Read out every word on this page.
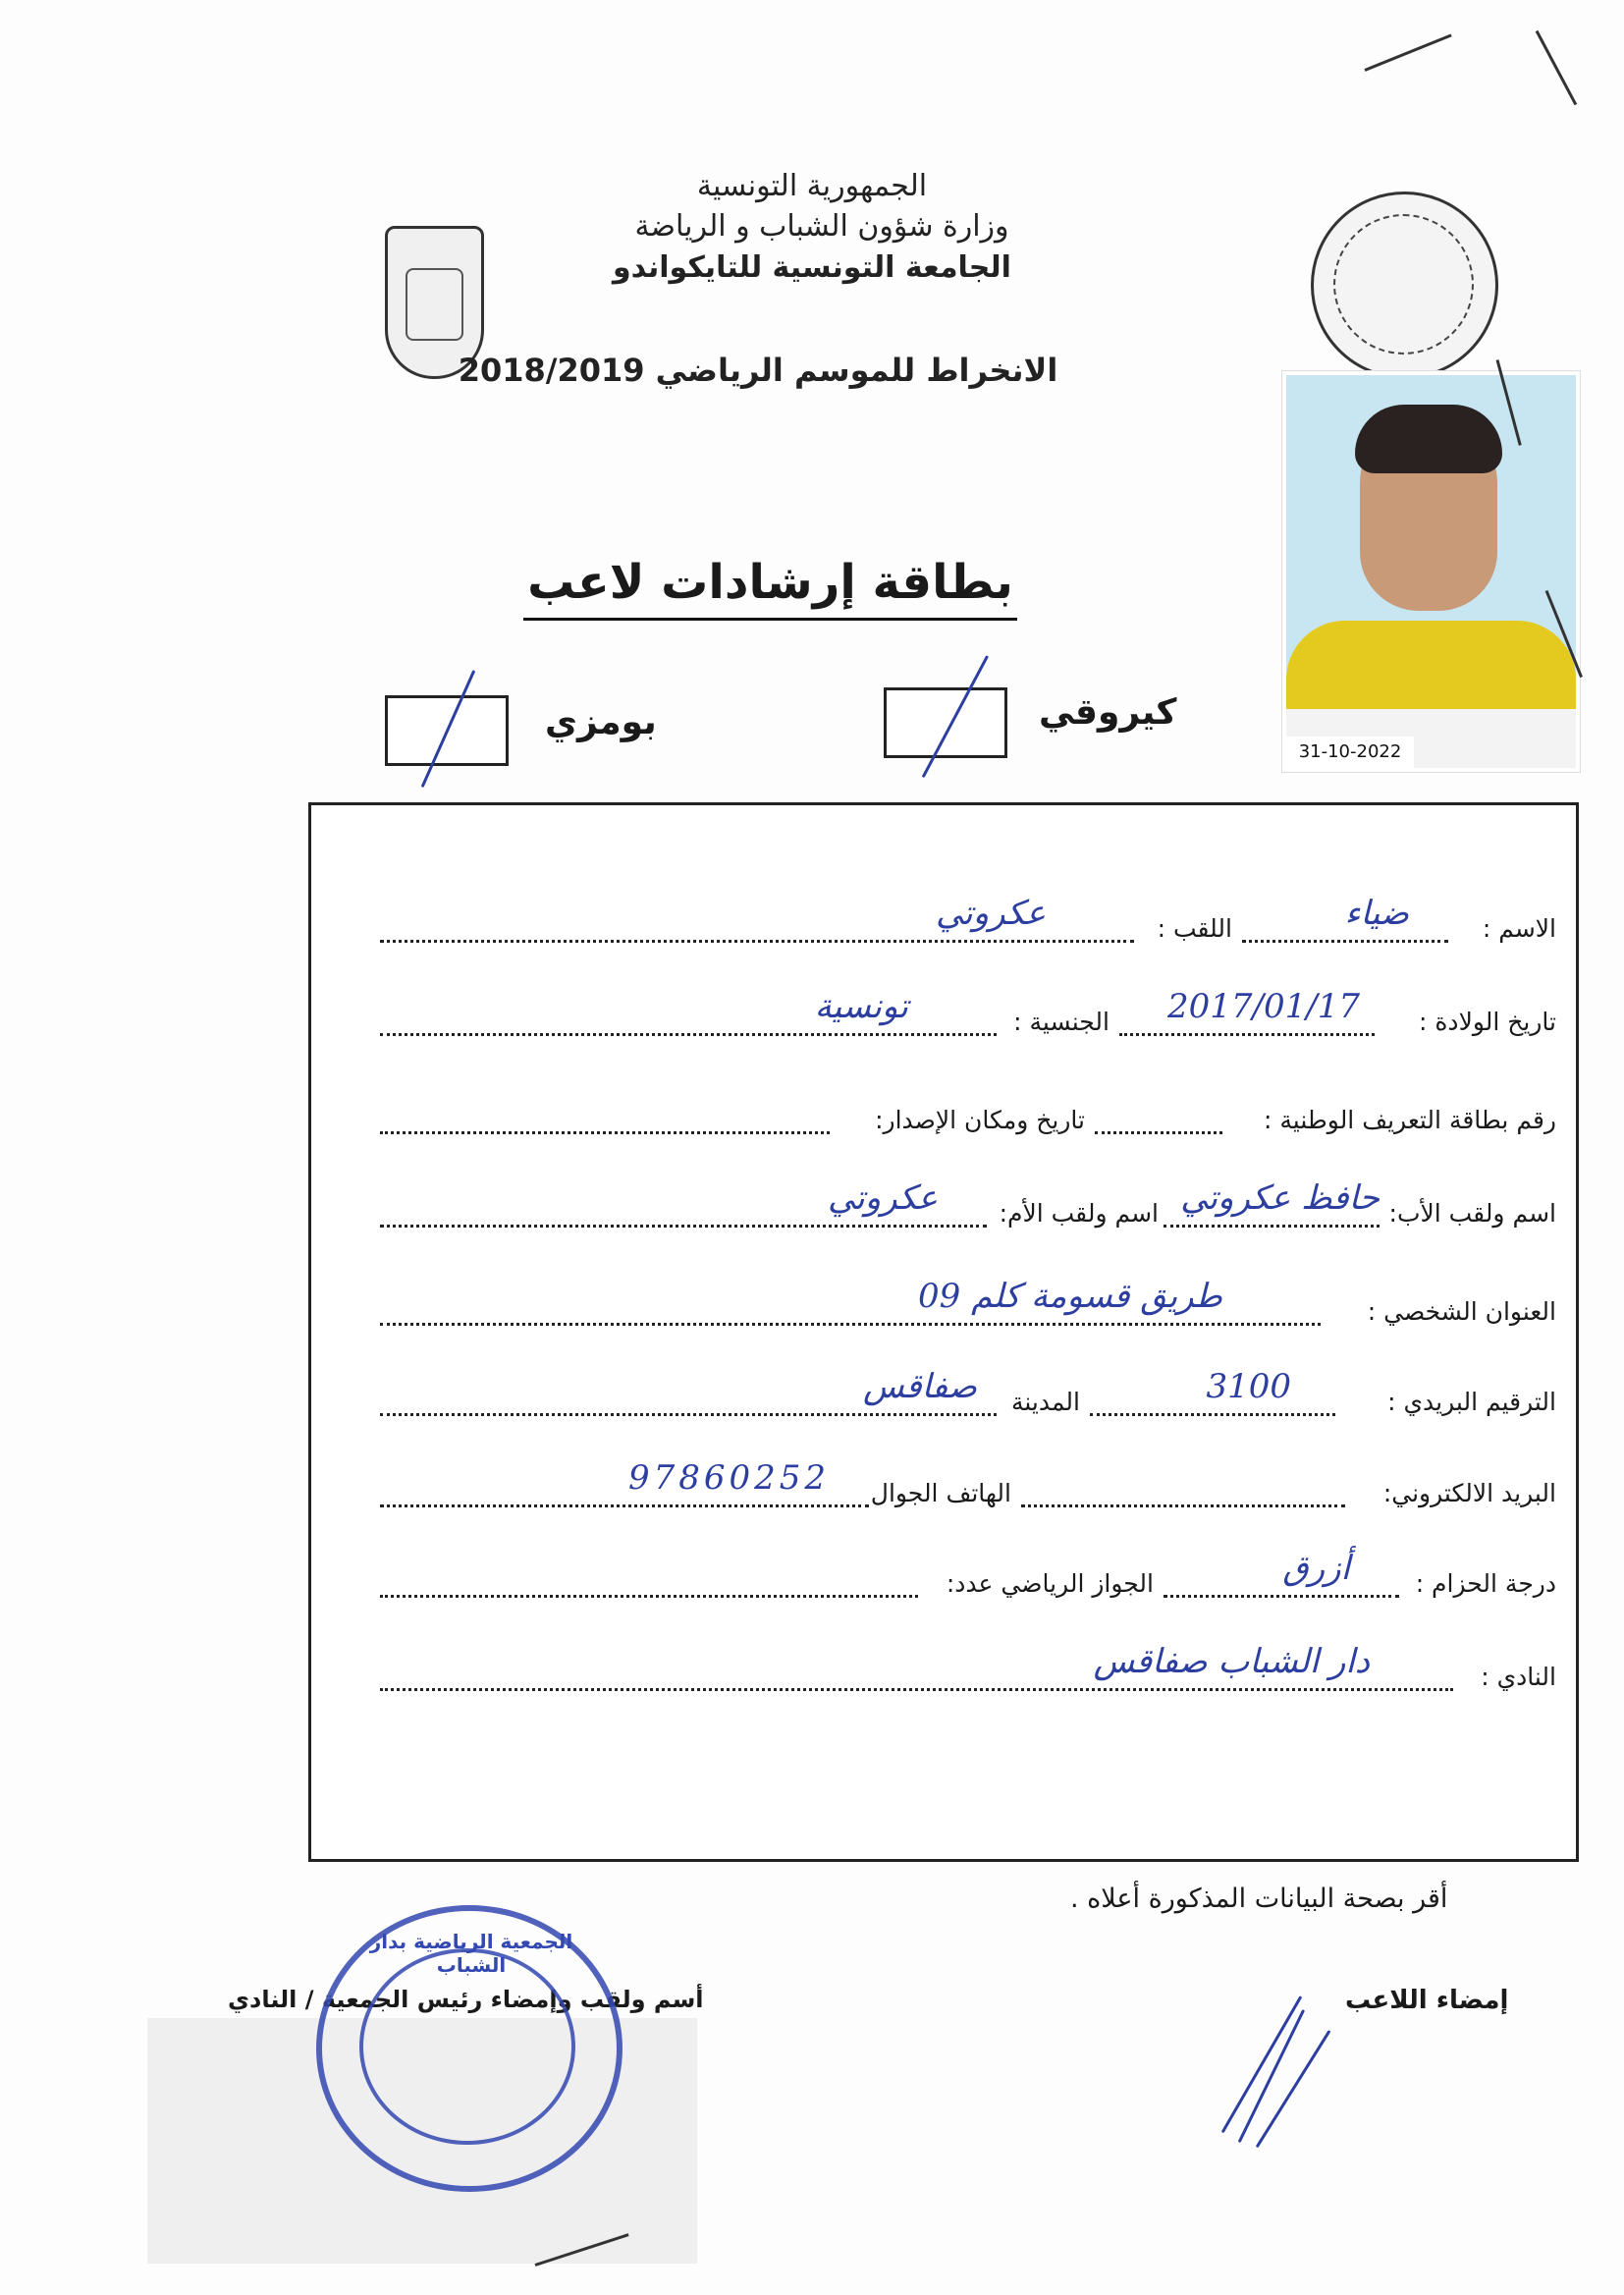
الجمهورية التونسية
وزارة شؤون الشباب و الرياضة
الجامعة التونسية للتايكواندو
الانخراط للموسم الرياضي 2018/2019
31-10-2022
بطاقة إرشادات لاعب
كيروقي
بومزي
الاسم :
ضياء
اللقب :
عكروتي
تاريخ الولادة :
2017/01/17
الجنسية :
تونسية
رقم بطاقة التعريف الوطنية :
تاريخ ومكان الإصدار:
اسم ولقب الأب:
حافظ عكروتي
اسم ولقب الأم:
عكروتي
العنوان الشخصي :
طريق قسومة كلم 09
الترقيم البريدي :
3100
المدينة
صفاقس
البريد الالكتروني:
الهاتف الجوال
97860252
درجة الحزام :
أزرق
الجواز الرياضي عدد:
النادي :
دار الشباب صفاقس
أقر بصحة البيانات المذكورة أعلاه .
إمضاء اللاعب
أسم ولقب وإمضاء رئيس الجمعية / النادي
الجمعية الرياضية بدار الشباب
